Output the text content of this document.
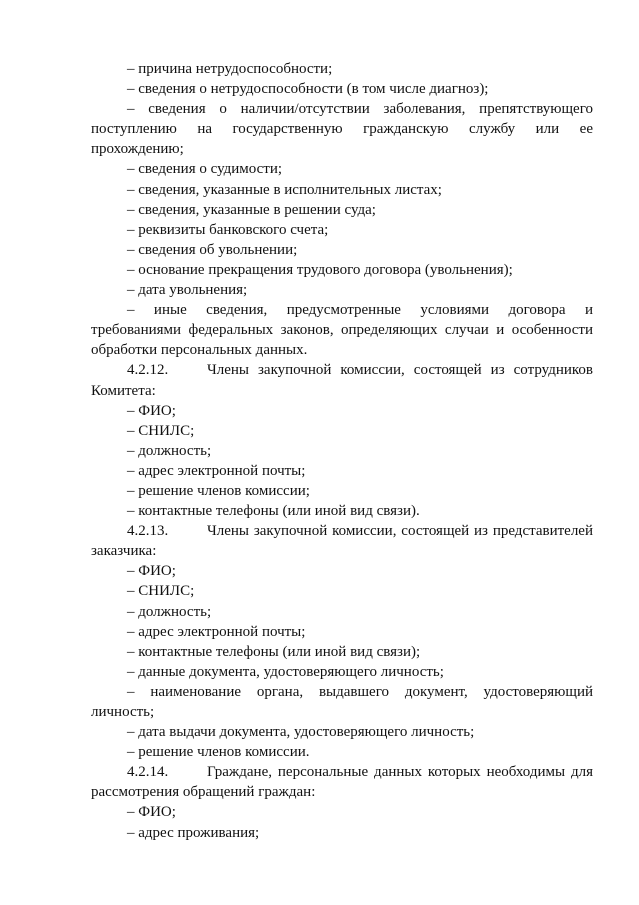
– причина нетрудоспособности;
– сведения о нетрудоспособности (в том числе диагноз);
– сведения о наличии/отсутствии заболевания, препятствующего
поступлению на государственную гражданскую службу или ее
прохождению;
– сведения о судимости;
– сведения, указанные в исполнительных листах;
– сведения, указанные в решении суда;
– реквизиты банковского счета;
– сведения об увольнении;
– основание прекращения трудового договора (увольнения);
– дата увольнения;
– иные сведения, предусмотренные условиями договора и
требованиями федеральных законов, определяющих случаи и особенности
обработки персональных данных.
4.2.12.	Члены закупочной комиссии, состоящей из сотрудников
Комитета:
– ФИО;
– СНИЛС;
– должность;
– адрес электронной почты;
– решение членов комиссии;
– контактные телефоны (или иной вид связи).
4.2.13.	Члены закупочной комиссии, состоящей из представителей
заказчика:
– ФИО;
– СНИЛС;
– должность;
– адрес электронной почты;
– контактные телефоны (или иной вид связи);
– данные документа, удостоверяющего личность;
– наименование органа, выдавшего документ, удостоверяющий
личность;
– дата выдачи документа, удостоверяющего личность;
– решение членов комиссии.
4.2.14.	Граждане, персональные данных которых необходимы для
рассмотрения обращений граждан:
– ФИО;
– адрес проживания;
